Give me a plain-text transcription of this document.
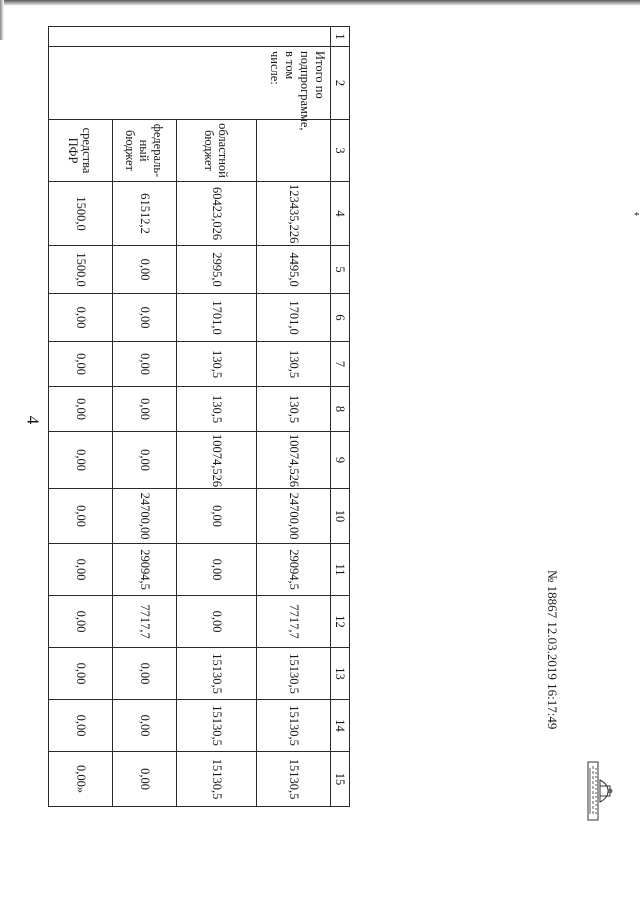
4
1	2	3	4	5	6	7	8	9	10	11	12	13	14	15
	Итого по подпрограмме, в том числе:		123435,226	4495,0	1701,0	130,5	130,5	10074,526	24700,00	29094,5	7717,7	15130,5	15130,5	15130,5
		областной бюджет	60423,026	2995,0	1701,0	130,5	130,5	10074,526	0,00	0,00	0,00	15130,5	15130,5	15130,5
		федераль-ный бюджет	61512,2	0,00	0,00	0,00	0,00	0,00	24700,00	29094,5	7717,7	0,00	0,00	0,00
		средства ПФР	1500,0	1500,0	0,00	0,00	0,00	0,00	0,00	0,00	0,00	0,00	0,00	0,00»
*
№ 18867 12.03.2019 16:17:49
